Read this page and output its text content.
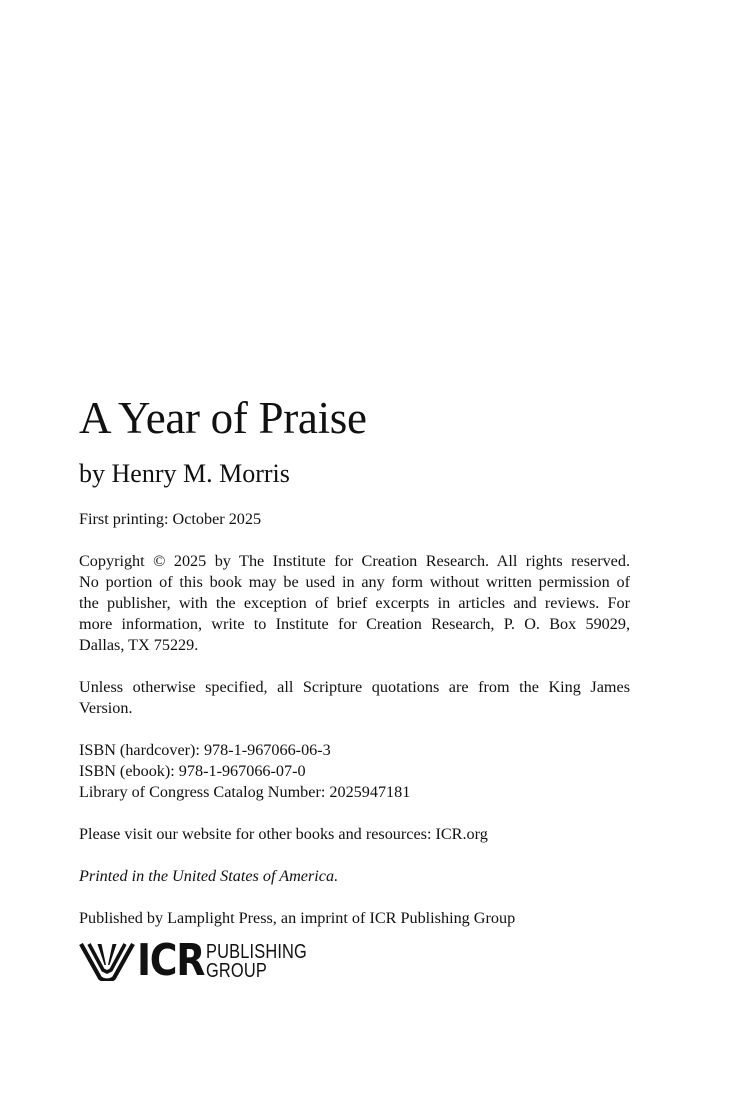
A Year of Praise
by Henry M. Morris

First printing: October 2025

Copyright © 2025 by The Institute for Creation Research. All rights reserved.
No portion of this book may be used in any form without written permission of
the publisher, with the exception of brief excerpts in articles and reviews. For
more information, write to Institute for Creation Research, P. O. Box 59029,
Dallas, TX 75229.

Unless otherwise specified, all Scripture quotations are from the King James
Version.

ISBN (hardcover): 978-1-967066-06-3
ISBN (ebook): 978-1-967066-07-0
Library of Congress Catalog Number: 2025947181

Please visit our website for other books and resources: ICR.org

Printed in the United States of America.

Published by Lamplight Press, an imprint of ICR Publishing Group

ICR PUBLISHING
GROUP
